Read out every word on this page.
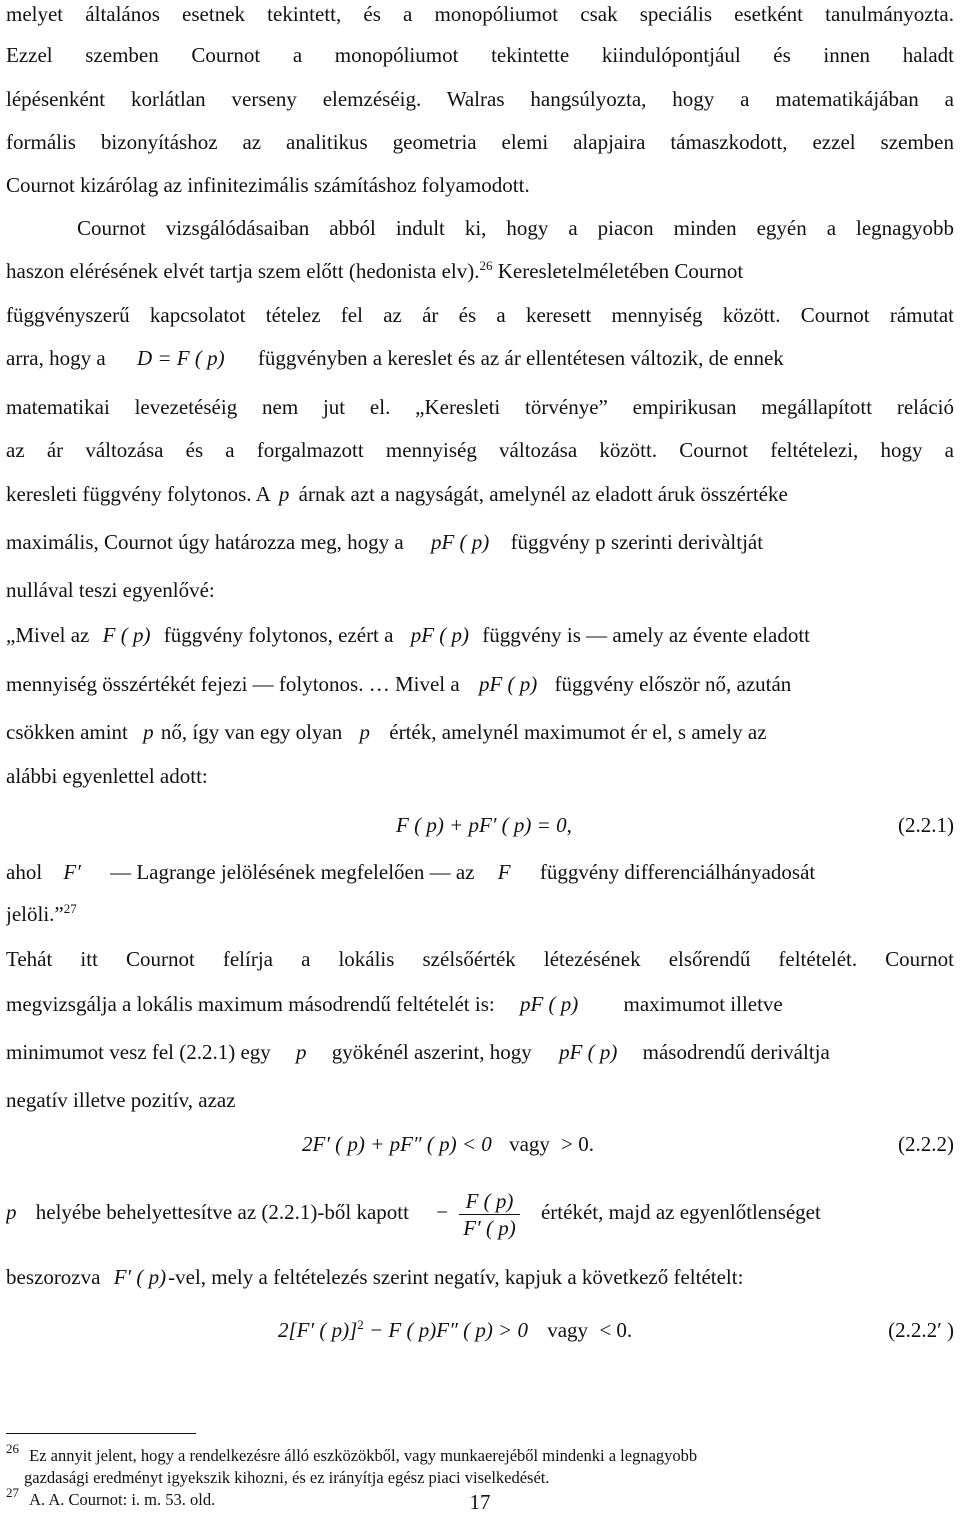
melyet általános esetnek tekintett, és a monopóliumot csak speciális esetként tanulmányozta.
Ezzel szemben Cournot a monopóliumot tekintette kiindulópontjául és innen haladt
lépésenként korlátlan verseny elemzéséig. Walras hangsúlyozta, hogy a matematikájában a
formális bizonyításhoz az analitikus geometria elemi alapjaira támaszkodott, ezzel szemben
Cournot kizárólag az infinitezimális számításhoz folyamodott.
Cournot vizsgálódásaiban abból indult ki, hogy a piacon minden egyén a legnagyobb
haszon elérésének elvét tartja szem előtt (hedonista elv).$^{26}$ Keresletelméletében Cournot
függvényszerű kapcsolatot tételez fel az ár és a keresett mennyiség között. Cournot rámutat
arra, hogy a D = F ( p) függvényben a kereslet és az ár ellentétesen változik, de ennek
matematikai levezetéséig nem jut el. „Keresleti törvénye” empirikusan megállapított reláció
az ár változása és a forgalmazott mennyiség változása között. Cournot feltételezi, hogy a
keresleti függvény folytonos. A p árnak azt a nagyságát, amelynél az eladott áruk összértéke
maximális, Cournot úgy határozza meg, hogy a pF ( p) függvény p szerinti derivàltját
nullával teszi egyenlővé:
„Mivel az F ( p) függvény folytonos, ezért a pF ( p) függvény is — amely az évente eladott
mennyiség összértékét fejezi — folytonos. … Mivel a pF ( p) függvény először nő, azután
csökken amint p nő, így van egy olyan p érték, amelynél maximumot ér el, s amely az
alábbi egyenlettel adott:
F ( p) + pF′ ( p) = 0,	(2.2.1)
ahol F′ — Lagrange jelölésének megfelelően — az F függvény differenciálhányadosát
jelöli.”$^{27}$
Tehát itt Cournot felírja a lokális szélsőérték létezésének elsőrendű feltételét. Cournot
megvizsgálja a lokális maximum másodrendű feltételét is: pF ( p) maximumot illetve
minimumot vesz fel (2.2.1) egy p gyökénél aszerint, hogy pF ( p) másodrendű deriváltja
negatív illetve pozitív, azaz
2F′ ( p) + pF″ ( p) < 0 vagy > 0.	(2.2.2)
p helyébe behelyettesítve az (2.2.1)-ből kapott − $\frac{F ( p)}{F' ( p)}$ értékét, majd az egyenlőtlenséget
beszorozva F′ ( p)-vel, mely a feltételezés szerint negatív, kapjuk a következő feltételt:
2[F′ ( p)]$^2$ − F ( p)F″ ( p) > 0 vagy < 0.	(2.2.2′ )
$^{26}$ Ez annyit jelent, hogy a rendelkezésre álló eszközökből, vagy munkaerejéből mindenki a legnagyobb
gazdasági eredményt igyekszik kihozni, és ez irányítja egész piaci viselkedését.
$^{27}$ A. A. Cournot: i. m. 53. old.	17
